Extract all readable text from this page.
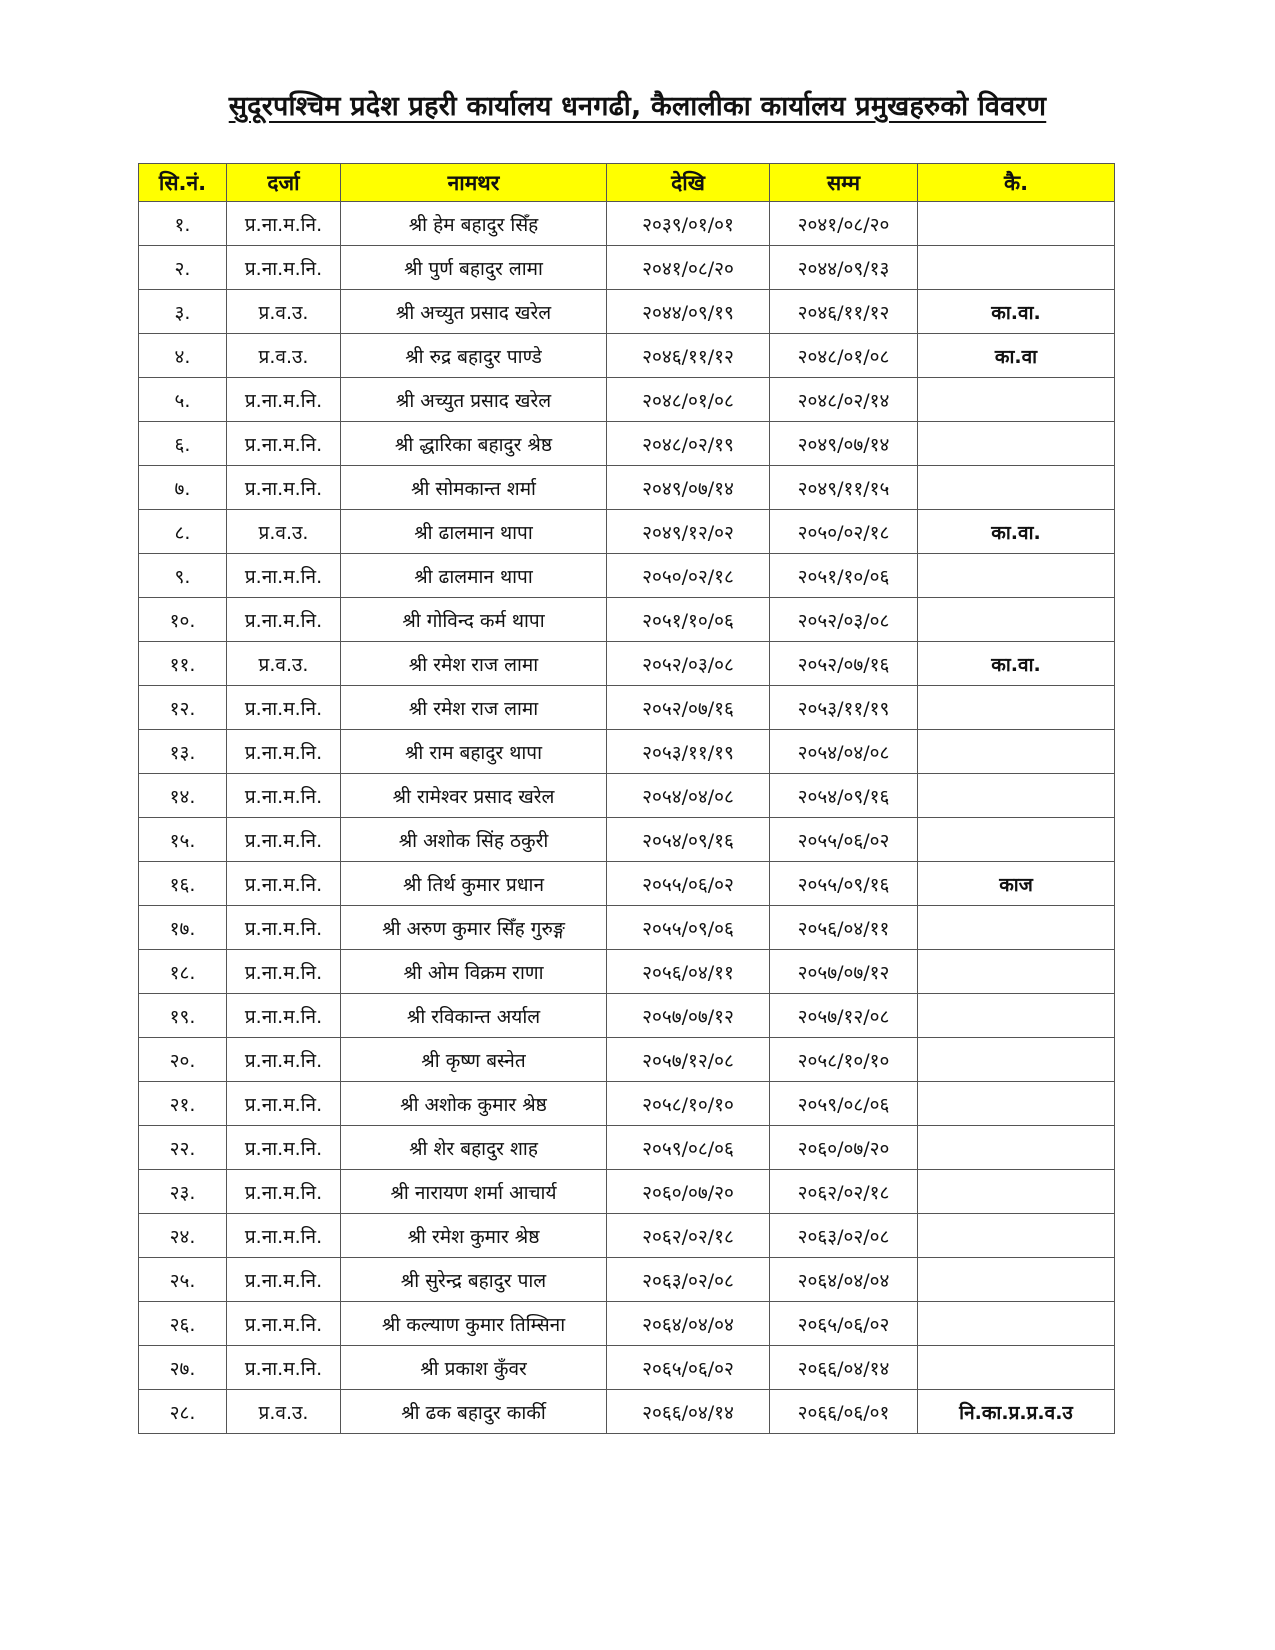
सुदूरपश्चिम प्रदेश प्रहरी कार्यालय धनगढी, कैलालीका कार्यालय प्रमुखहरुको विवरण
सि.नं.	दर्जा	नामथर	देखि	सम्म	कै.
१.	प्र.ना.म.नि.	श्री हेम बहादुर सिँह	२०३९/०१/०१	२०४१/०८/२०	
२.	प्र.ना.म.नि.	श्री पुर्ण बहादुर लामा	२०४१/०८/२०	२०४४/०९/१३	
३.	प्र.व.उ.	श्री अच्युत प्रसाद खरेल	२०४४/०९/१९	२०४६/११/१२	का.वा.
४.	प्र.व.उ.	श्री रुद्र बहादुर पाण्डे	२०४६/११/१२	२०४८/०१/०८	का.वा
५.	प्र.ना.म.नि.	श्री अच्युत प्रसाद खरेल	२०४८/०१/०८	२०४८/०२/१४	
६.	प्र.ना.म.नि.	श्री द्धारिका बहादुर श्रेष्ठ	२०४८/०२/१९	२०४९/०७/१४	
७.	प्र.ना.म.नि.	श्री सोमकान्त शर्मा	२०४९/०७/१४	२०४९/११/१५	
८.	प्र.व.उ.	श्री ढालमान थापा	२०४९/१२/०२	२०५०/०२/१८	का.वा.
९.	प्र.ना.म.नि.	श्री ढालमान थापा	२०५०/०२/१८	२०५१/१०/०६	
१०.	प्र.ना.म.नि.	श्री गोविन्द कर्म थापा	२०५१/१०/०६	२०५२/०३/०८	
११.	प्र.व.उ.	श्री रमेश राज लामा	२०५२/०३/०८	२०५२/०७/१६	का.वा.
१२.	प्र.ना.म.नि.	श्री रमेश राज लामा	२०५२/०७/१६	२०५३/११/१९	
१३.	प्र.ना.म.नि.	श्री राम बहादुर थापा	२०५३/११/१९	२०५४/०४/०८	
१४.	प्र.ना.म.नि.	श्री रामेश्वर प्रसाद खरेल	२०५४/०४/०८	२०५४/०९/१६	
१५.	प्र.ना.म.नि.	श्री अशोक सिंह ठकुरी	२०५४/०९/१६	२०५५/०६/०२	
१६.	प्र.ना.म.नि.	श्री तिर्थ कुमार प्रधान	२०५५/०६/०२	२०५५/०९/१६	काज
१७.	प्र.ना.म.नि.	श्री अरुण कुमार सिँह गुरुङ्ग	२०५५/०९/०६	२०५६/०४/११	
१८.	प्र.ना.म.नि.	श्री ओम विक्रम राणा	२०५६/०४/११	२०५७/०७/१२	
१९.	प्र.ना.म.नि.	श्री रविकान्त अर्याल	२०५७/०७/१२	२०५७/१२/०८	
२०.	प्र.ना.म.नि.	श्री कृष्ण बस्नेत	२०५७/१२/०८	२०५८/१०/१०	
२१.	प्र.ना.म.नि.	श्री अशोक कुमार श्रेष्ठ	२०५८/१०/१०	२०५९/०८/०६	
२२.	प्र.ना.म.नि.	श्री शेर बहादुर शाह	२०५९/०८/०६	२०६०/०७/२०	
२३.	प्र.ना.म.नि.	श्री नारायण शर्मा आचार्य	२०६०/०७/२०	२०६२/०२/१८	
२४.	प्र.ना.म.नि.	श्री रमेश कुमार श्रेष्ठ	२०६२/०२/१८	२०६३/०२/०८	
२५.	प्र.ना.म.नि.	श्री सुरेन्द्र बहादुर पाल	२०६३/०२/०८	२०६४/०४/०४	
२६.	प्र.ना.म.नि.	श्री कल्याण कुमार तिम्सिना	२०६४/०४/०४	२०६५/०६/०२	
२७.	प्र.ना.म.नि.	श्री प्रकाश कुँवर	२०६५/०६/०२	२०६६/०४/१४	
२८.	प्र.व.उ.	श्री ढक बहादुर कार्की	२०६६/०४/१४	२०६६/०६/०१	नि.का.प्र.प्र.व.उ
